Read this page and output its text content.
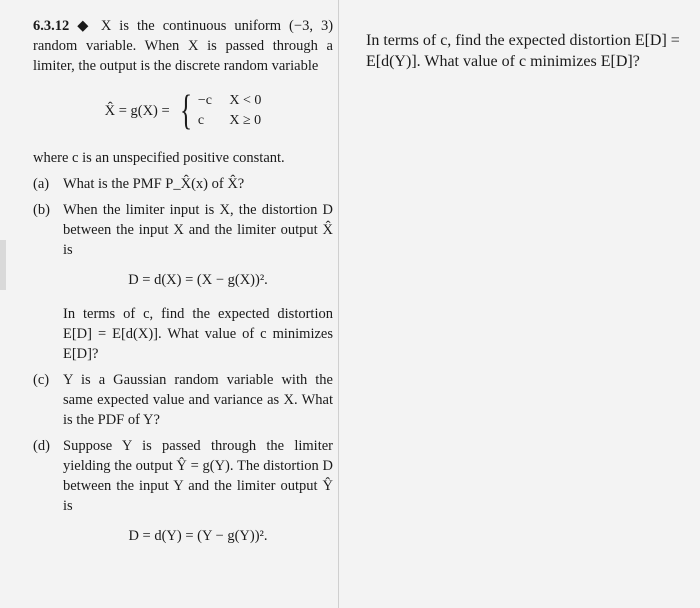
6.3.12 ◆ X is the continuous uniform (−3, 3) random variable. When X is passed through a limiter, the output is the discrete random variable

X̂ = g(X) = { −c X < 0
c X ≥ 0

where c is an unspecified positive constant.

(a) What is the PMF P_X̂(x) of X̂?
(b) When the limiter input is X, the distortion D between the input X and the limiter output X̂ is
D = d(X) = (X − g(X))².
In terms of c, find the expected distortion E[D] = E[d(X)]. What value of c minimizes E[D]?
(c) Y is a Gaussian random variable with the same expected value and variance as X. What is the PDF of Y?
(d) Suppose Y is passed through the limiter yielding the output Ŷ = g(Y). The distortion D between the input Y and the limiter output Ŷ is
D = d(Y) = (Y − g(Y))².

In terms of c, find the expected distortion E[D] = E[d(Y)]. What value of c minimizes E[D]?
